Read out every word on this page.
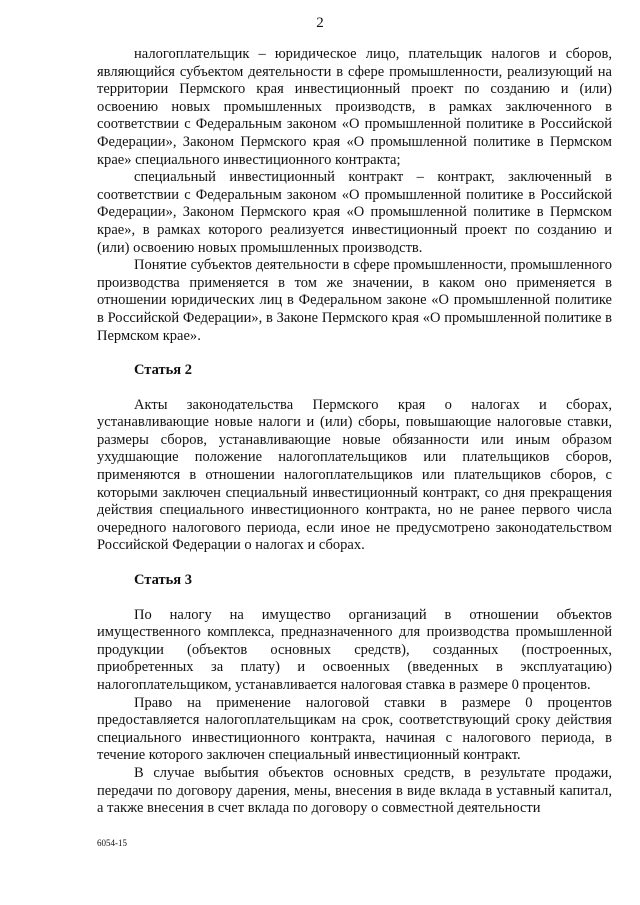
2

налогоплательщик – юридическое лицо, плательщик налогов и сборов, являющийся субъектом деятельности в сфере промышленности, реализующий на территории Пермского края инвестиционный проект по созданию и (или) освоению новых промышленных производств, в рамках заключенного в соответствии с Федеральным законом «О промышленной политике в Российской Федерации», Законом Пермского края «О промышленной политике в Пермском крае» специального инвестиционного контракта;

специальный инвестиционный контракт – контракт, заключенный в соответствии с Федеральным законом «О промышленной политике в Российской Федерации», Законом Пермского края «О промышленной политике в Пермском крае», в рамках которого реализуется инвестиционный проект по созданию и (или) освоению новых промышленных производств.

Понятие субъектов деятельности в сфере промышленности, промышленного производства применяется в том же значении, в каком оно применяется в отношении юридических лиц в Федеральном законе «О промышленной политике в Российской Федерации», в Законе Пермского края «О промышленной политике в Пермском крае».

Статья 2

Акты законодательства Пермского края о налогах и сборах, устанавливающие новые налоги и (или) сборы, повышающие налоговые ставки, размеры сборов, устанавливающие новые обязанности или иным образом ухудшающие положение налогоплательщиков или плательщиков сборов, применяются в отношении налогоплательщиков или плательщиков сборов, с которыми заключен специальный инвестиционный контракт, со дня прекращения действия специального инвестиционного контракта, но не ранее первого числа очередного налогового периода, если иное не предусмотрено законодательством Российской Федерации о налогах и сборах.

Статья 3

По налогу на имущество организаций в отношении объектов имущественного комплекса, предназначенного для производства промышленной продукции (объектов основных средств), созданных (построенных, приобретенных за плату) и освоенных (введенных в эксплуатацию) налогоплательщиком, устанавливается налоговая ставка в размере 0 процентов.

Право на применение налоговой ставки в размере 0 процентов предоставляется налогоплательщикам на срок, соответствующий сроку действия специального инвестиционного контракта, начиная с налогового периода, в течение которого заключен специальный инвестиционный контракт.

В случае выбытия объектов основных средств, в результате продажи, передачи по договору дарения, мены, внесения в виде вклада в уставный капитал, а также внесения в счет вклада по договору о совместной деятельности

6054-15
